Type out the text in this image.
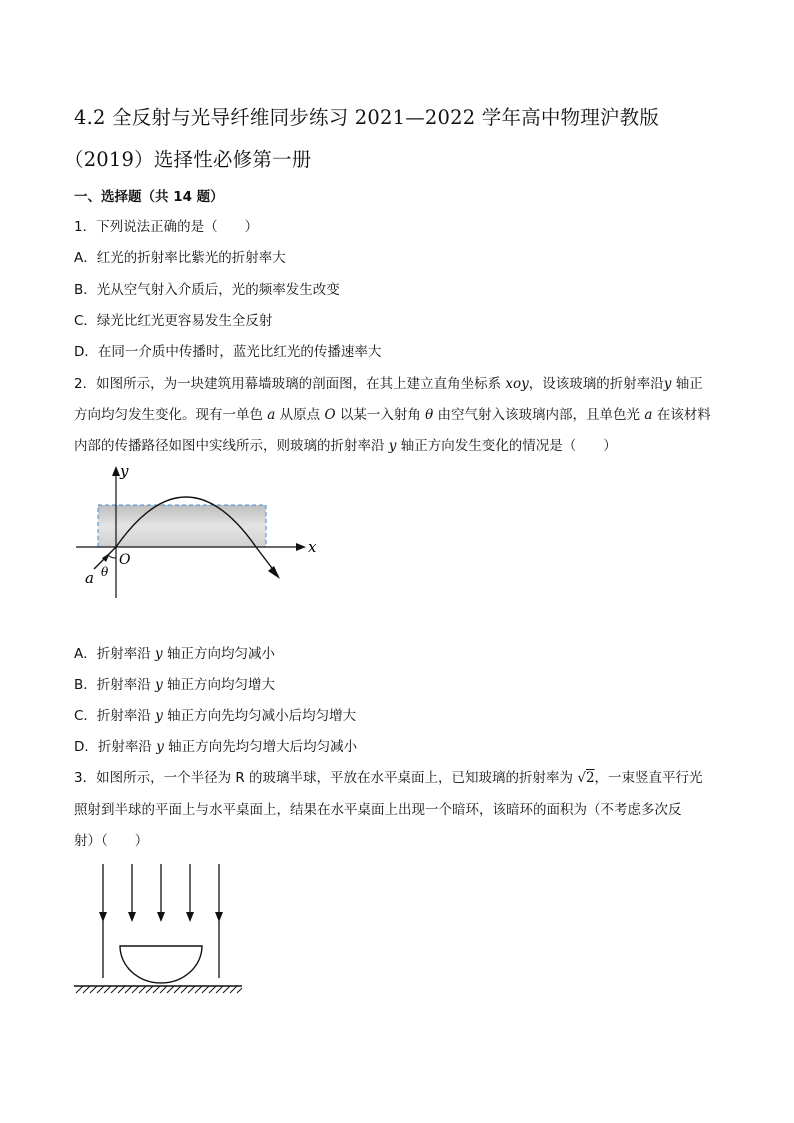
4.2 全反射与光导纤维同步练习 2021—2022 学年高中物理沪教版
（2019）选择性必修第一册
一、选择题（共 14 题）
1．下列说法正确的是（　　）
A．红光的折射率比紫光的折射率大
B．光从空气射入介质后，光的频率发生改变
C．绿光比红光更容易发生全反射
D．在同一介质中传播时，蓝光比红光的传播速率大
2．如图所示，为一块建筑用幕墙玻璃的剖面图，在其上建立直角坐标系 xoy，设该玻璃的折射率沿y 轴正
方向均匀发生变化。现有一单色 a 从原点 O 以某一入射角 θ 由空气射入该玻璃内部，且单色光 a 在该材料
内部的传播路径如图中实线所示，则玻璃的折射率沿 y 轴正方向发生变化的情况是（　　）
y
x
O
a θ
A．折射率沿 y 轴正方向均匀减小
B．折射率沿 y 轴正方向均匀增大
C．折射率沿 y 轴正方向先均匀减小后均匀增大
D．折射率沿 y 轴正方向先均匀增大后均匀减小
3．如图所示，一个半径为 R 的玻璃半球，平放在水平桌面上，已知玻璃的折射率为 √2，一束竖直平行光
照射到半球的平面上与水平桌面上，结果在水平桌面上出现一个暗环，该暗环的面积为（不考虑多次反
射）（　　）
